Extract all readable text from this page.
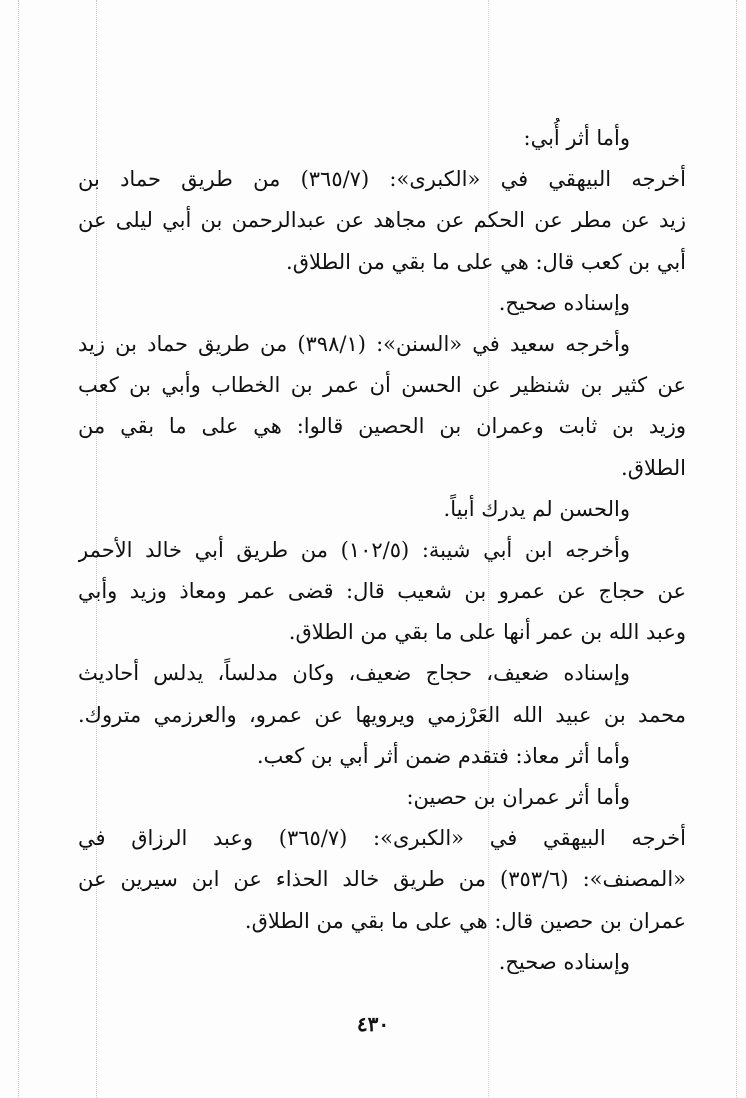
وأما أثر أُبي:
أخرجه البيهقي في «الكبرى»: (٣٦٥/٧) من طريق حماد بن
زيد عن مطر عن الحكم عن مجاهد عن عبدالرحمن بن أبي ليلى عن
أبي بن كعب قال: هي على ما بقي من الطلاق.
وإسناده صحيح.
وأخرجه سعيد في «السنن»: (٣٩٨/١) من طريق حماد بن زيد
عن كثير بن شنظير عن الحسن أن عمر بن الخطاب وأبي بن كعب
وزيد بن ثابت وعمران بن الحصين قالوا: هي على ما بقي من
الطلاق.
والحسن لم يدرك أبياً.
وأخرجه ابن أبي شيبة: (١٠٢/٥) من طريق أبي خالد الأحمر
عن حجاج عن عمرو بن شعيب قال: قضى عمر ومعاذ وزيد وأبي
وعبد الله بن عمر أنها على ما بقي من الطلاق.
وإسناده ضعيف، حجاج ضعيف، وكان مدلساً، يدلس أحاديث
محمد بن عبيد الله العَرْزمي ويرويها عن عمرو، والعرزمي متروك.
وأما أثر معاذ: فتقدم ضمن أثر أبي بن كعب.
وأما أثر عمران بن حصين:
أخرجه البيهقي في «الكبرى»: (٣٦٥/٧) وعبد الرزاق في
«المصنف»: (٣٥٣/٦) من طريق خالد الحذاء عن ابن سيرين عن
عمران بن حصين قال: هي على ما بقي من الطلاق.
وإسناده صحيح.
٤٣٠
